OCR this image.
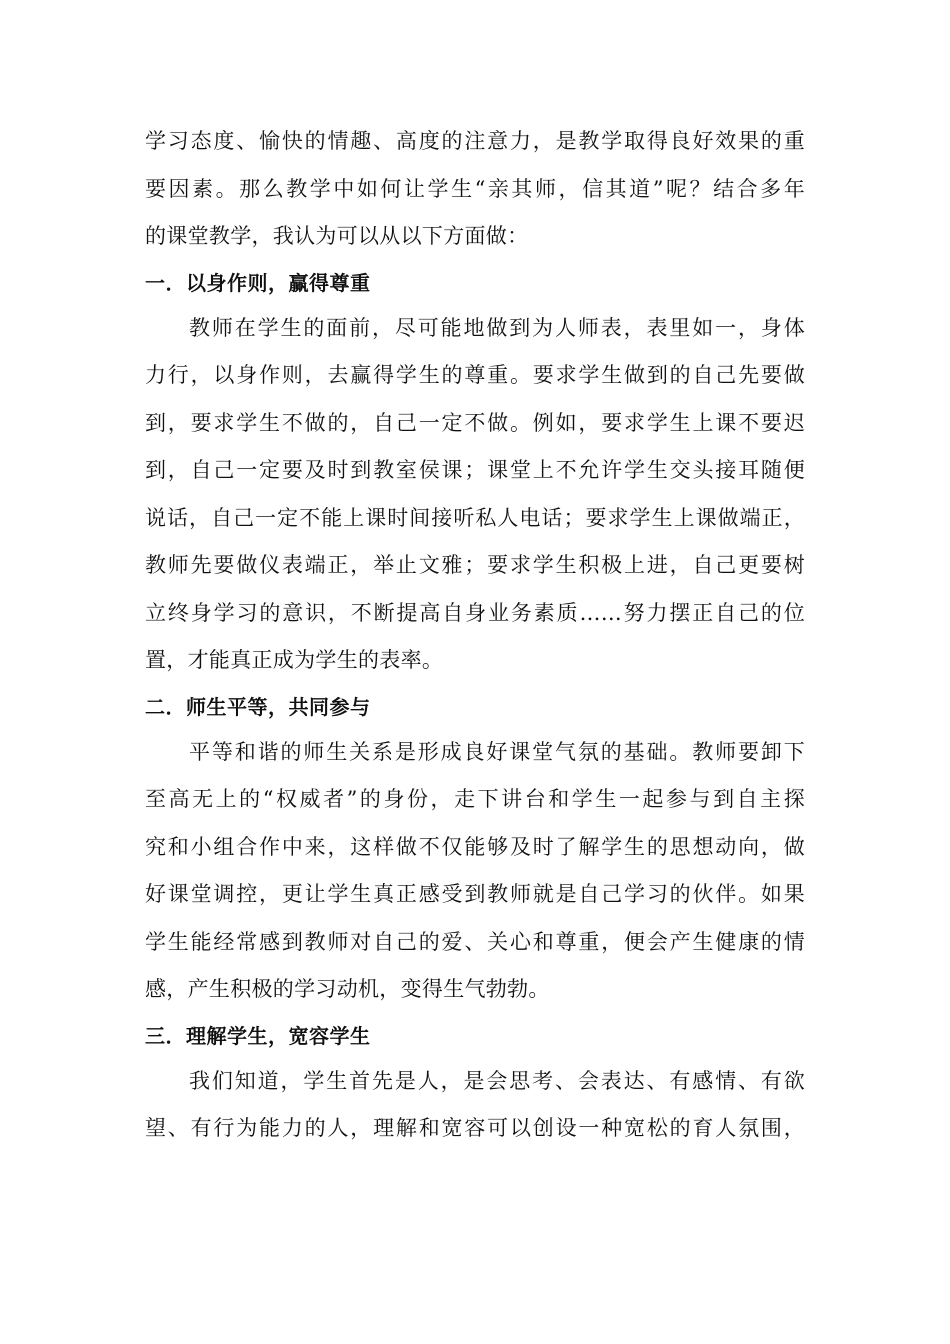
学习态度、愉快的情趣、高度的注意力，是教学取得良好效果的重
要因素。那么教学中如何让学生“亲其师，信其道”呢？结合多年
的课堂教学，我认为可以从以下方面做：
一．以身作则，赢得尊重
教师在学生的面前，尽可能地做到为人师表，表里如一，身体
力行，以身作则，去赢得学生的尊重。要求学生做到的自己先要做
到，要求学生不做的，自己一定不做。例如，要求学生上课不要迟
到，自己一定要及时到教室侯课；课堂上不允许学生交头接耳随便
说话，自己一定不能上课时间接听私人电话；要求学生上课做端正，
教师先要做仪表端正，举止文雅；要求学生积极上进，自己更要树
立终身学习的意识，不断提高自身业务素质……努力摆正自己的位
置，才能真正成为学生的表率。
二．师生平等，共同参与
平等和谐的师生关系是形成良好课堂气氛的基础。教师要卸下
至高无上的“权威者”的身份，走下讲台和学生一起参与到自主探
究和小组合作中来，这样做不仅能够及时了解学生的思想动向，做
好课堂调控，更让学生真正感受到教师就是自己学习的伙伴。如果
学生能经常感到教师对自己的爱、关心和尊重，便会产生健康的情
感，产生积极的学习动机，变得生气勃勃。
三．理解学生，宽容学生
我们知道，学生首先是人，是会思考、会表达、有感情、有欲
望、有行为能力的人，理解和宽容可以创设一种宽松的育人氛围，
